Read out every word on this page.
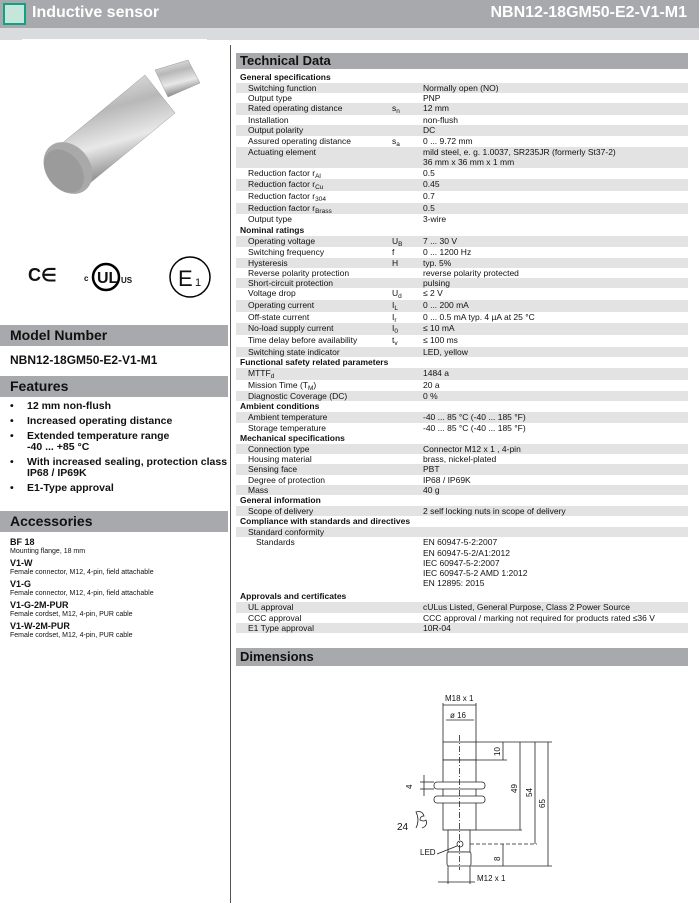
Inductive sensor	NBN12-18GM50-E2-V1-M1
C∈	c UL US E 1
Model Number
NBN12-18GM50-E2-V1-M1
Features
• 12 mm non-flush
• Increased operating distance
• Extended temperature range
-40 ... +85 °C
• With increased sealing, protection class
IP68 / IP69K
• E1-Type approval
Accessories
BF 18
Mounting flange, 18 mm
V1-W
Female connector, M12, 4-pin, field attachable
V1-G
Female connector, M12, 4-pin, field attachable
V1-G-2M-PUR
Female cordset, M12, 4-pin, PUR cable
V1-W-2M-PUR
Female cordset, M12, 4-pin, PUR cable
Technical Data
General specifications
Switching function	Normally open (NO)
Output type	PNP
Rated operating distance	$s_n$	12 mm
Installation	non-flush
Output polarity	DC
Assured operating distance	$s_a$	0 ... 9.72 mm
Actuating element	mild steel, e. g. 1.0037, SR235JR (formerly St37-2)
36 mm x 36 mm x 1 mm
Reduction factor $r_{Al}$	0.5
Reduction factor $r_{Cu}$	0.45
Reduction factor $r_{304}$	0.7
Reduction factor $r_{Brass}$	0.5
Output type	3-wire
Nominal ratings
Operating voltage	$U_B$	7 ... 30 V
Switching frequency	f	0 ... 1200 Hz
Hysteresis	H	typ. 5%
Reverse polarity protection	reverse polarity protected
Short-circuit protection	pulsing
Voltage drop	$U_d$	≤ 2 V
Operating current	$I_L$	0 ... 200 mA
Off-state current	$I_r$	0 ... 0.5 mA typ. 4 µA at 25 °C
No-load supply current	$I_0$	≤ 10 mA
Time delay before availability	$t_v$	≤ 100 ms
Switching state indicator	LED, yellow
Functional safety related parameters
$MTTF_d$	1484 a
Mission Time $(T_M)$	20 a
Diagnostic Coverage (DC)	0 %
Ambient conditions
Ambient temperature	-40 ... 85 °C (-40 ... 185 °F)
Storage temperature	-40 ... 85 °C (-40 ... 185 °F)
Mechanical specifications
Connection type	Connector M12 x 1 , 4-pin
Housing material	brass, nickel-plated
Sensing face	PBT
Degree of protection	IP68 / IP69K
Mass	40 g
General information
Scope of delivery	2 self locking nuts in scope of delivery
Compliance with standards and directives
Standard conformity
Standards	EN 60947-5-2:2007
EN 60947-5-2/A1:2012
IEC 60947-5-2:2007
IEC 60947-5-2 AMD 1:2012
EN 12895: 2015
Approvals and certificates
UL approval	cULus Listed, General Purpose, Class 2 Power Source
CCC approval	CCC approval / marking not required for products rated ≤36 V
E1 Type approval	10R-04
Dimensions
M18 x 1
ø 16
10
49 54
65
4
24
LED
8
M12 x 1
